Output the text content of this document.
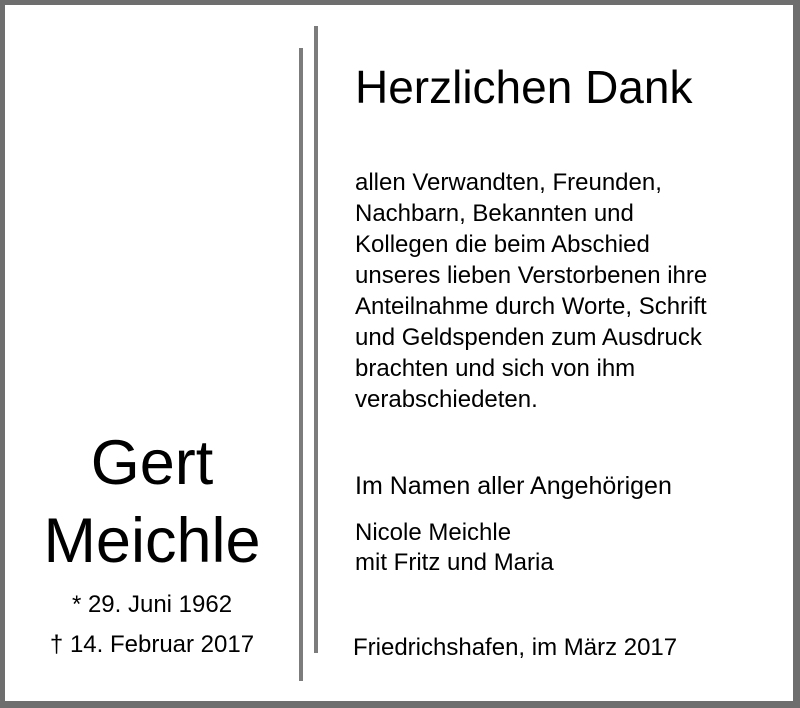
Gert
Meichle
* 29. Juni 1962
† 14. Februar 2017
Herzlichen Dank
allen Verwandten, Freunden,
Nachbarn, Bekannten und
Kollegen die beim Abschied
unseres lieben Verstorbenen ihre
Anteilnahme durch Worte, Schrift
und Geldspenden zum Ausdruck
brachten und sich von ihm
verabschiedeten.
Im Namen aller Angehörigen
Nicole Meichle
mit Fritz und Maria
Friedrichshafen, im März 2017
